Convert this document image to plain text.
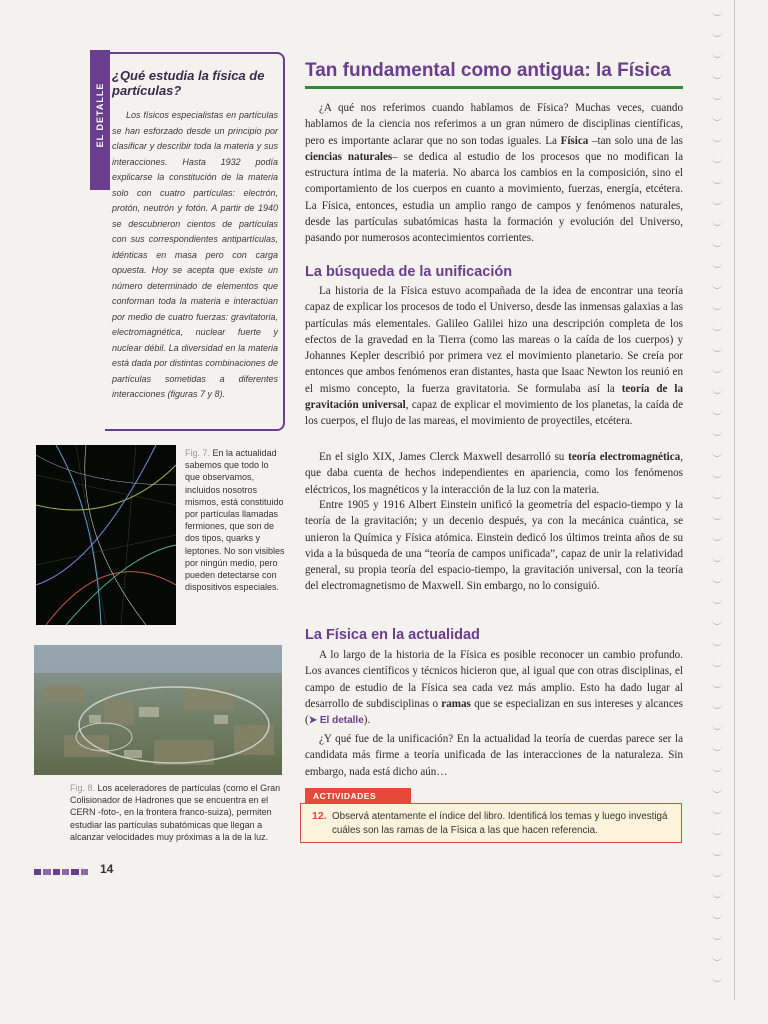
EL DETALLE
¿Qué estudia la física de partículas?

Los físicos especialistas en partículas se han esforzado desde un principio por clasificar y describir toda la materia y sus interacciones. Hasta 1932 podía explicarse la constitución de la materia solo con cuatro partículas: electrón, protón, neutrón y fotón. A partir de 1940 se descubrieron cientos de partículas con sus correspondientes antipartículas, idénticas en masa pero con carga opuesta. Hoy se acepta que existe un número determinado de elementos que conforman toda la materia e interactúan por medio de cuatro fuerzas: gravitatoria, electromagnética, nuclear fuerte y nuclear débil. La diversidad en la materia está dada por distintas combinaciones de partículas sometidas a diferentes interacciones (figuras 7 y 8).

Fig. 7. En la actualidad sabemos que todo lo que observamos, incluidos nosotros mismos, está constituido por partículas llamadas fermiones, que son de dos tipos, quarks y leptones. No son visibles por ningún medio, pero pueden detectarse con dispositivos especiales.

Fig. 8. Los aceleradores de partículas (como el Gran Colisionador de Hadrones que se encuentra en el CERN -foto-, en la frontera franco-suiza), permiten estudiar las partículas subatómicas que llegan a alcanzar velocidades muy próximas a la de la luz.

14
Tan fundamental como antigua: la Física

¿A qué nos referimos cuando hablamos de Física? Muchas veces, cuando hablamos de la ciencia nos referimos a un gran número de disciplinas científicas, pero es importante aclarar que no son todas iguales. La Física –tan solo una de las ciencias naturales– se dedica al estudio de los procesos que no modifican la estructura íntima de la materia. No abarca los cambios en la composición, sino el comportamiento de los cuerpos en cuanto a movimiento, fuerzas, energía, etcétera. La Física, entonces, estudia un amplio rango de campos y fenómenos naturales, desde las partículas subatómicas hasta la formación y evolución del Universo, pasando por numerosos acontecimientos corrientes.

La búsqueda de la unificación

La historia de la Física estuvo acompañada de la idea de encontrar una teoría capaz de explicar los procesos de todo el Universo, desde las inmensas galaxias a las partículas más elementales. Galileo Galilei hizo una descripción completa de los efectos de la gravedad en la Tierra (como las mareas o la caída de los cuerpos) y Johannes Kepler describió por primera vez el movimiento planetario. Se creía por entonces que ambos fenómenos eran distantes, hasta que Isaac Newton los reunió en el mismo concepto, la fuerza gravitatoria. Se formulaba así la teoría de la gravitación universal, capaz de explicar el movimiento de los planetas, la caída de los cuerpos, el flujo de las mareas, el movimiento de proyectiles, etcétera.

En el siglo XIX, James Clerck Maxwell desarrolló su teoría electromagnética, que daba cuenta de hechos independientes en apariencia, como los fenómenos eléctricos, los magnéticos y la interacción de la luz con la materia.

Entre 1905 y 1916 Albert Einstein unificó la geometría del espacio-tiempo y la teoría de la gravitación; y un decenio después, ya con la mecánica cuántica, se unieron la Química y Física atómica. Einstein dedicó los últimos treinta años de su vida a la búsqueda de una “teoría de campos unificada”, capaz de unir la relatividad general, su propia teoría del espacio-tiempo, la gravitación universal, con la teoría del electromagnetismo de Maxwell. Sin embargo, no lo consiguió.

La Física en la actualidad

A lo largo de la historia de la Física es posible reconocer un cambio profundo. Los avances científicos y técnicos hicieron que, al igual que con otras disciplinas, el campo de estudio de la Física sea cada vez más amplio. Esto ha dado lugar al desarrollo de subdisciplinas o ramas que se especializan en sus intereses y alcances (➤ El detalle).

¿Y qué fue de la unificación? En la actualidad la teoría de cuerdas parece ser la candidata más firme a teoría unificada de las interacciones de la naturaleza. Sin embargo, nada está dicho aún…

ACTIVIDADES
12. Observá atentamente el índice del libro. Identificá los temas y luego investigá cuáles son las ramas de la Física a las que hacen referencia.
